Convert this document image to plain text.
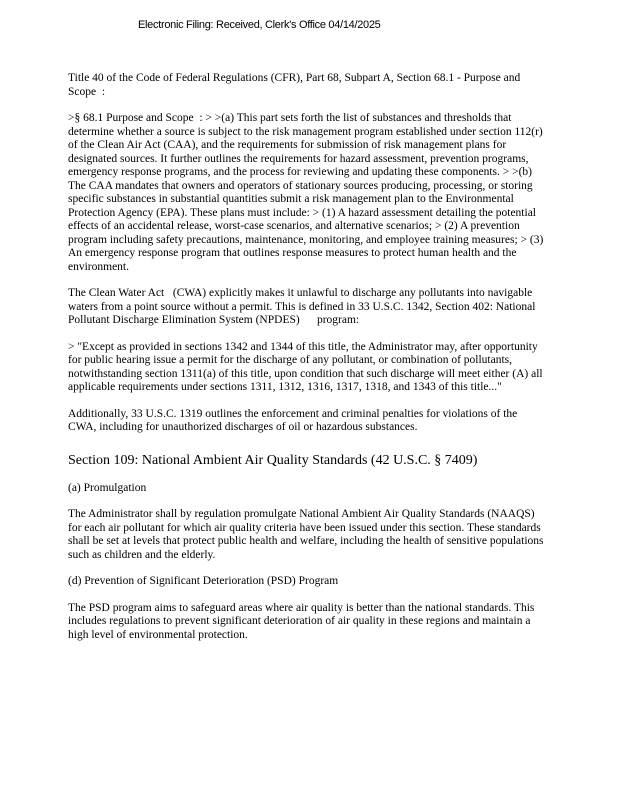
Electronic Filing: Received, Clerk's Office 04/14/2025

Title 40 of the Code of Federal Regulations (CFR), Part 68, Subpart A, Section 68.1 - Purpose and Scope  :

>§ 68.1 Purpose and Scope  : > >(a) This part sets forth the list of substances and thresholds that determine whether a source is subject to the risk management program established under section 112(r) of the Clean Air Act (CAA), and the requirements for submission of risk management plans for designated sources. It further outlines the requirements for hazard assessment, prevention programs, emergency response programs, and the process for reviewing and updating these components. > >(b) The CAA mandates that owners and operators of stationary sources producing, processing, or storing specific substances in substantial quantities submit a risk management plan to the Environmental Protection Agency (EPA). These plans must include: > (1) A hazard assessment detailing the potential effects of an accidental release, worst-case scenarios, and alternative scenarios; > (2) A prevention program including safety precautions, maintenance, monitoring, and employee training measures; > (3) An emergency response program that outlines response measures to protect human health and the environment.

The Clean Water Act   (CWA) explicitly makes it unlawful to discharge any pollutants into navigable waters from a point source without a permit. This is defined in 33 U.S.C. 1342, Section 402: National Pollutant Discharge Elimination System (NPDES)      program:

> "Except as provided in sections 1342 and 1344 of this title, the Administrator may, after opportunity for public hearing issue a permit for the discharge of any pollutant, or combination of pollutants, notwithstanding section 1311(a) of this title, upon condition that such discharge will meet either (A) all applicable requirements under sections 1311, 1312, 1316, 1317, 1318, and 1343 of this title..."

Additionally, 33 U.S.C. 1319 outlines the enforcement and criminal penalties for violations of the CWA, including for unauthorized discharges of oil or hazardous substances.

Section 109: National Ambient Air Quality Standards (42 U.S.C. § 7409)

(a) Promulgation

The Administrator shall by regulation promulgate National Ambient Air Quality Standards (NAAQS) for each air pollutant for which air quality criteria have been issued under this section. These standards shall be set at levels that protect public health and welfare, including the health of sensitive populations such as children and the elderly.

(d) Prevention of Significant Deterioration (PSD) Program

The PSD program aims to safeguard areas where air quality is better than the national standards. This includes regulations to prevent significant deterioration of air quality in these regions and maintain a high level of environmental protection.
